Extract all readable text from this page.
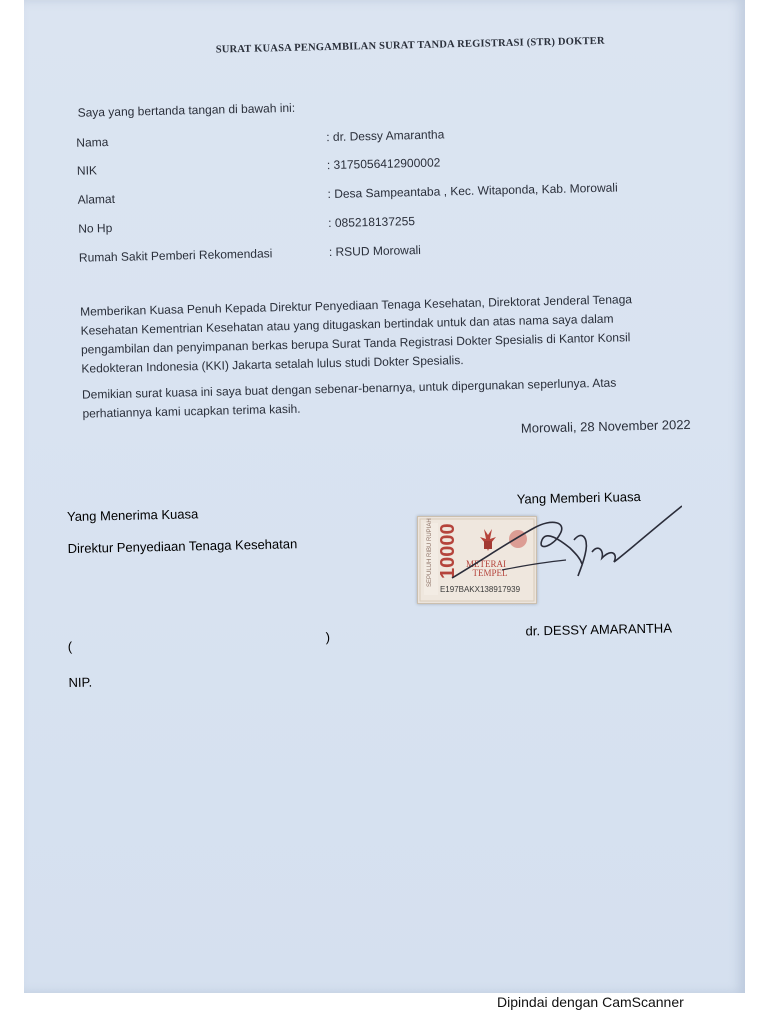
SURAT KUASA PENGAMBILAN SURAT TANDA REGISTRASI (STR) DOKTER
Saya yang bertanda tangan di bawah ini:
Nama	: dr. Dessy Amarantha
NIK	: 3175056412900002
Alamat	: Desa Sampeantaba , Kec. Witaponda, Kab. Morowali
No Hp	: 085218137255
Rumah Sakit Pemberi Rekomendasi	: RSUD Morowali
Memberikan Kuasa Penuh Kepada Direktur Penyediaan Tenaga Kesehatan, Direktorat Jenderal Tenaga Kesehatan Kementrian Kesehatan atau yang ditugaskan bertindak untuk dan atas nama saya dalam pengambilan dan penyimpanan berkas berupa Surat Tanda Registrasi Dokter Spesialis di Kantor Konsil Kedokteran Indonesia (KKI) Jakarta setalah lulus studi Dokter Spesialis.
Demikian surat kuasa ini saya buat dengan sebenar-benarnya, untuk dipergunakan seperlunya. Atas perhatiannya kami ucapkan terima kasih.
Morowali, 28 November 2022
Yang Menerima Kuasa
Direktur Penyediaan Tenaga Kesehatan
(
)
NIP.
Yang Memberi Kuasa
dr. DESSY AMARANTHA
SEPULUH RIBU RUPIAH 10000 METERAI
TEMPEL
E197BAKX138917939
Dipindai dengan CamScanner
